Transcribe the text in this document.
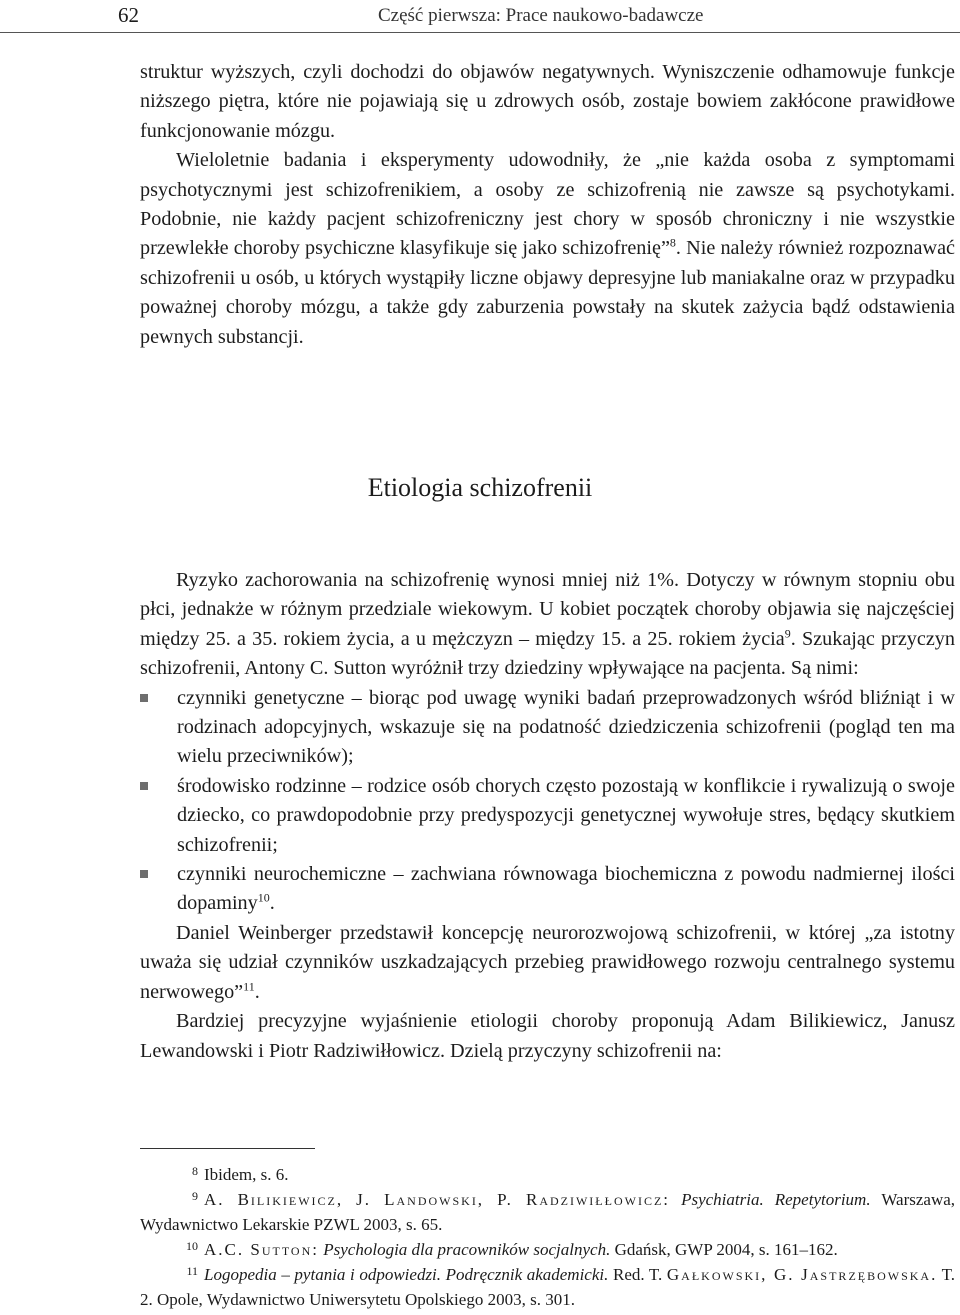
62	Część pierwsza: Prace naukowo-badawcze

struktur wyższych, czyli dochodzi do objawów negatywnych. Wyniszczenie odhamowuje funkcje niższego piętra, które nie pojawiają się u zdrowych osób, zostaje bowiem zakłócone prawidłowe funkcjonowanie mózgu.

Wieloletnie badania i eksperymenty udowodniły, że „nie każda osoba z symptomami psychotycznymi jest schizofrenikiem, a osoby ze schizofrenią nie zawsze są psychotykami. Podobnie, nie każdy pacjent schizofreniczny jest chory w sposób chroniczny i nie wszystkie przewlekłe choroby psychiczne klasyfikuje się jako schizofrenię”$^8$. Nie należy również rozpoznawać schizofrenii u osób, u których wystąpiły liczne objawy depresyjne lub maniakalne oraz w przypadku poważnej choroby mózgu, a także gdy zaburzenia powstały na skutek zażycia bądź odstawienia pewnych substancji.

Etiologia schizofrenii

Ryzyko zachorowania na schizofrenię wynosi mniej niż 1%. Dotyczy w równym stopniu obu płci, jednakże w różnym przedziale wiekowym. U kobiet początek choroby objawia się najczęściej między 25. a 35. rokiem życia, a u mężczyzn – między 15. a 25. rokiem życia$^9$. Szukając przyczyn schizofrenii, Antony C. Sutton wyróżnił trzy dziedziny wpływające na pacjenta. Są nimi:

czynniki genetyczne – biorąc pod uwagę wyniki badań przeprowadzonych wśród bliźniąt i w rodzinach adopcyjnych, wskazuje się na podatność dziedziczenia schizofrenii (pogląd ten ma wielu przeciwników);
środowisko rodzinne – rodzice osób chorych często pozostają w konflikcie i rywalizują o swoje dziecko, co prawdopodobnie przy predyspozycji genetycznej wywołuje stres, będący skutkiem schizofrenii;
czynniki neurochemiczne – zachwiana równowaga biochemiczna z powodu nadmiernej ilości dopaminy$^{10}$.

Daniel Weinberger przedstawił koncepcję neurorozwojową schizofrenii, w której „za istotny uważa się udział czynników uszkadzających przebieg prawidłowego rozwoju centralnego systemu nerwowego”$^{11}$.

Bardziej precyzyjne wyjaśnienie etiologii choroby proponują Adam Bilikiewicz, Janusz Lewandowski i Piotr Radziwiłłowicz. Dzielą przyczyny schizofrenii na:

8 Ibidem, s. 6.

9 A. Bilikiewicz, J. Landowski, P. Radziwiłłowicz: Psychiatria. Repetytorium. Warszawa, Wydawnictwo Lekarskie PZWL 2003, s. 65.

10 A.C. Sutton: Psychologia dla pracowników socjalnych. Gdańsk, GWP 2004, s. 161–162.

11 Logopedia – pytania i odpowiedzi. Podręcznik akademicki. Red. T. Gałkowski, G. Jastrzębowska. T. 2. Opole, Wydawnictwo Uniwersytetu Opolskiego 2003, s. 301.
